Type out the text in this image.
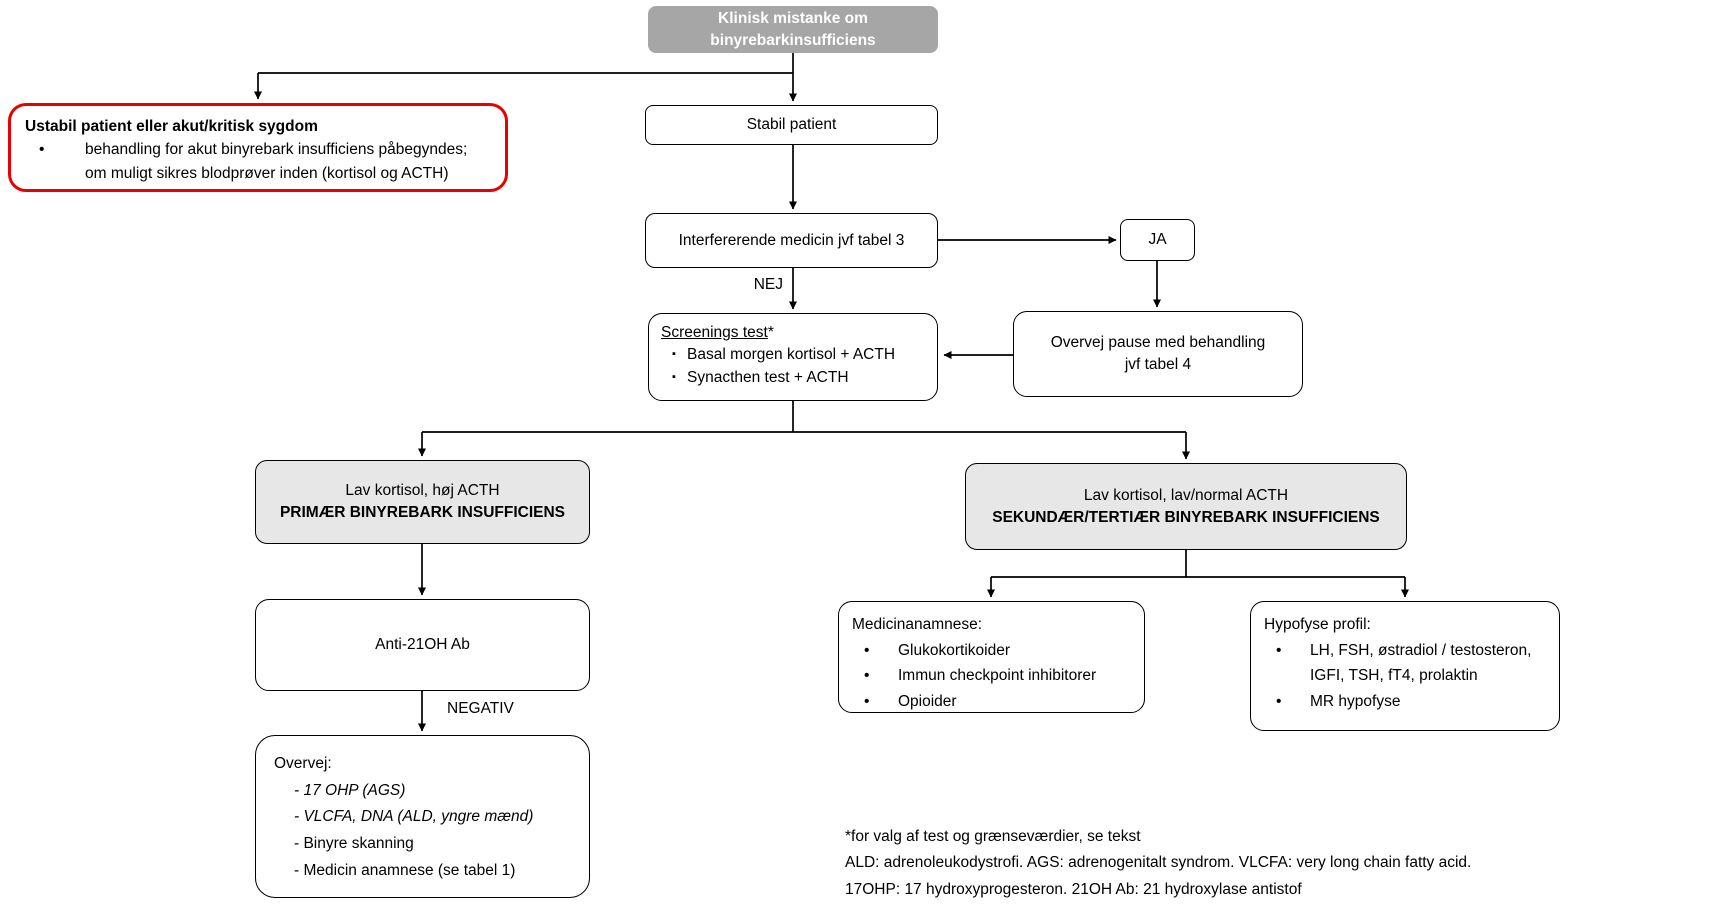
Klinisk mistanke om
binyrebarkinsufficiens
Ustabil patient eller akut/kritisk sygdom
•	behandling for akut binyrebark insufficiens påbegyndes;
om muligt sikres blodprøver inden (kortisol og ACTH)
Stabil patient
Interfererende medicin jvf tabel 3	JA
NEJ
Screenings test*
▪ Basal morgen kortisol + ACTH
▪ Synacthen test + ACTH
Overvej pause med behandling
jvf tabel 4
Lav kortisol, høj ACTH
PRIMÆR BINYREBARK INSUFFICIENS
Lav kortisol, lav/normal ACTH
SEKUNDÆR/TERTIÆR BINYREBARK INSUFFICIENS
Anti-21OH Ab
NEGATIV
Overvej:
- 17 OHP (AGS)
- VLCFA, DNA (ALD, yngre mænd)
- Binyre skanning
- Medicin anamnese (se tabel 1)
Medicinanamnese:
•	Glukokortikoider
•	Immun checkpoint inhibitorer
•	Opioider
Hypofyse profil:
•	LH, FSH, østradiol / testosteron, IGFI, TSH, fT4, prolaktin
•	MR hypofyse
*for valg af test og grænseværdier, se tekst
ALD: adrenoleukodystrofi. AGS: adrenogenitalt syndrom. VLCFA: very long chain fatty acid.
17OHP: 17 hydroxyprogesteron. 21OH Ab: 21 hydroxylase antistof
